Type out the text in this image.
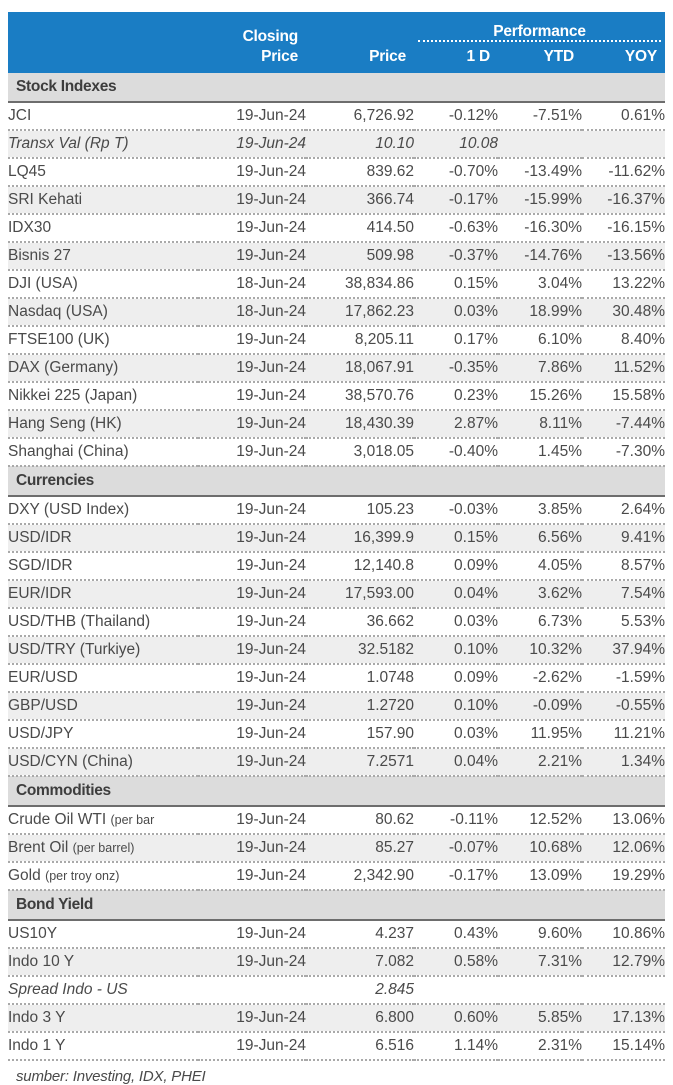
	Closing		Performance		

	Price	Price	1 D	YTD	YOY
Stock Indexes					
JCI	19-Jun-24	6,726.92	-0.12%	-7.51%	0.61%
Transx Val (Rp T)	19-Jun-24	10.10	10.08		
LQ45	19-Jun-24	839.62	-0.70%	-13.49%	-11.62%
SRI Kehati	19-Jun-24	366.74	-0.17%	-15.99%	-16.37%
IDX30	19-Jun-24	414.50	-0.63%	-16.30%	-16.15%
Bisnis 27	19-Jun-24	509.98	-0.37%	-14.76%	-13.56%
DJI (USA)	18-Jun-24	38,834.86	0.15%	3.04%	13.22%
Nasdaq (USA)	18-Jun-24	17,862.23	0.03%	18.99%	30.48%
FTSE100 (UK)	19-Jun-24	8,205.11	0.17%	6.10%	8.40%
DAX (Germany)	19-Jun-24	18,067.91	-0.35%	7.86%	11.52%
Nikkei 225 (Japan)	19-Jun-24	38,570.76	0.23%	15.26%	15.58%
Hang Seng (HK)	19-Jun-24	18,430.39	2.87%	8.11%	-7.44%
Shanghai (China)	19-Jun-24	3,018.05	-0.40%	1.45%	-7.30%
Currencies					
DXY (USD Index)	19-Jun-24	105.23	-0.03%	3.85%	2.64%
USD/IDR	19-Jun-24	16,399.9	0.15%	6.56%	9.41%
SGD/IDR	19-Jun-24	12,140.8	0.09%	4.05%	8.57%
EUR/IDR	19-Jun-24	17,593.00	0.04%	3.62%	7.54%
USD/THB (Thailand)	19-Jun-24	36.662	0.03%	6.73%	5.53%
USD/TRY (Turkiye)	19-Jun-24	32.5182	0.10%	10.32%	37.94%
EUR/USD	19-Jun-24	1.0748	0.09%	-2.62%	-1.59%
GBP/USD	19-Jun-24	1.2720	0.10%	-0.09%	-0.55%
USD/JPY	19-Jun-24	157.90	0.03%	11.95%	11.21%
USD/CYN (China)	19-Jun-24	7.2571	0.04%	2.21%	1.34%
Commodities					
Crude Oil WTI (per bar	19-Jun-24	80.62	-0.11%	12.52%	13.06%
Brent Oil (per barrel)	19-Jun-24	85.27	-0.07%	10.68%	12.06%
Gold (per troy onz)	19-Jun-24	2,342.90	-0.17%	13.09%	19.29%
Bond Yield					
US10Y	19-Jun-24	4.237	0.43%	9.60%	10.86%
Indo 10 Y	19-Jun-24	7.082	0.58%	7.31%	12.79%
Spread Indo - US		2.845			
Indo 3 Y	19-Jun-24	6.800	0.60%	5.85%	17.13%
Indo 1 Y	19-Jun-24	6.516	1.14%	2.31%	15.14%
sumber: Investing, IDX, PHEI
